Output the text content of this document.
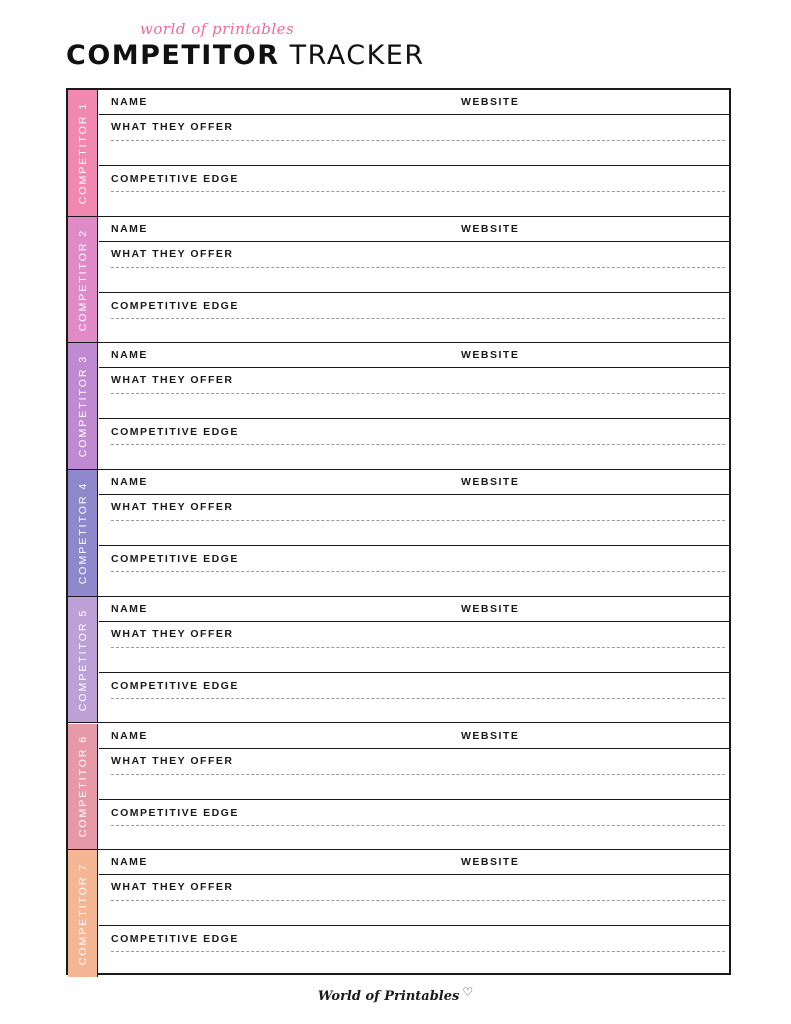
world of printables
COMPETITOR TRACKER
COMPETITOR 1 NAME	WEBSITE
WHAT THEY OFFER
COMPETITIVE EDGE
COMPETITOR 2 NAME	WEBSITE
WHAT THEY OFFER
COMPETITIVE EDGE
COMPETITOR 3 NAME	WEBSITE
WHAT THEY OFFER
COMPETITIVE EDGE
COMPETITOR 4 NAME	WEBSITE
WHAT THEY OFFER
COMPETITIVE EDGE
COMPETITOR 5 NAME	WEBSITE
WHAT THEY OFFER
COMPETITIVE EDGE
COMPETITOR 6 NAME	WEBSITE
WHAT THEY OFFER
COMPETITIVE EDGE
COMPETITOR 7
NAME	WEBSITE
WHAT THEY OFFER
COMPETITIVE EDGE
World of Printables ♡
